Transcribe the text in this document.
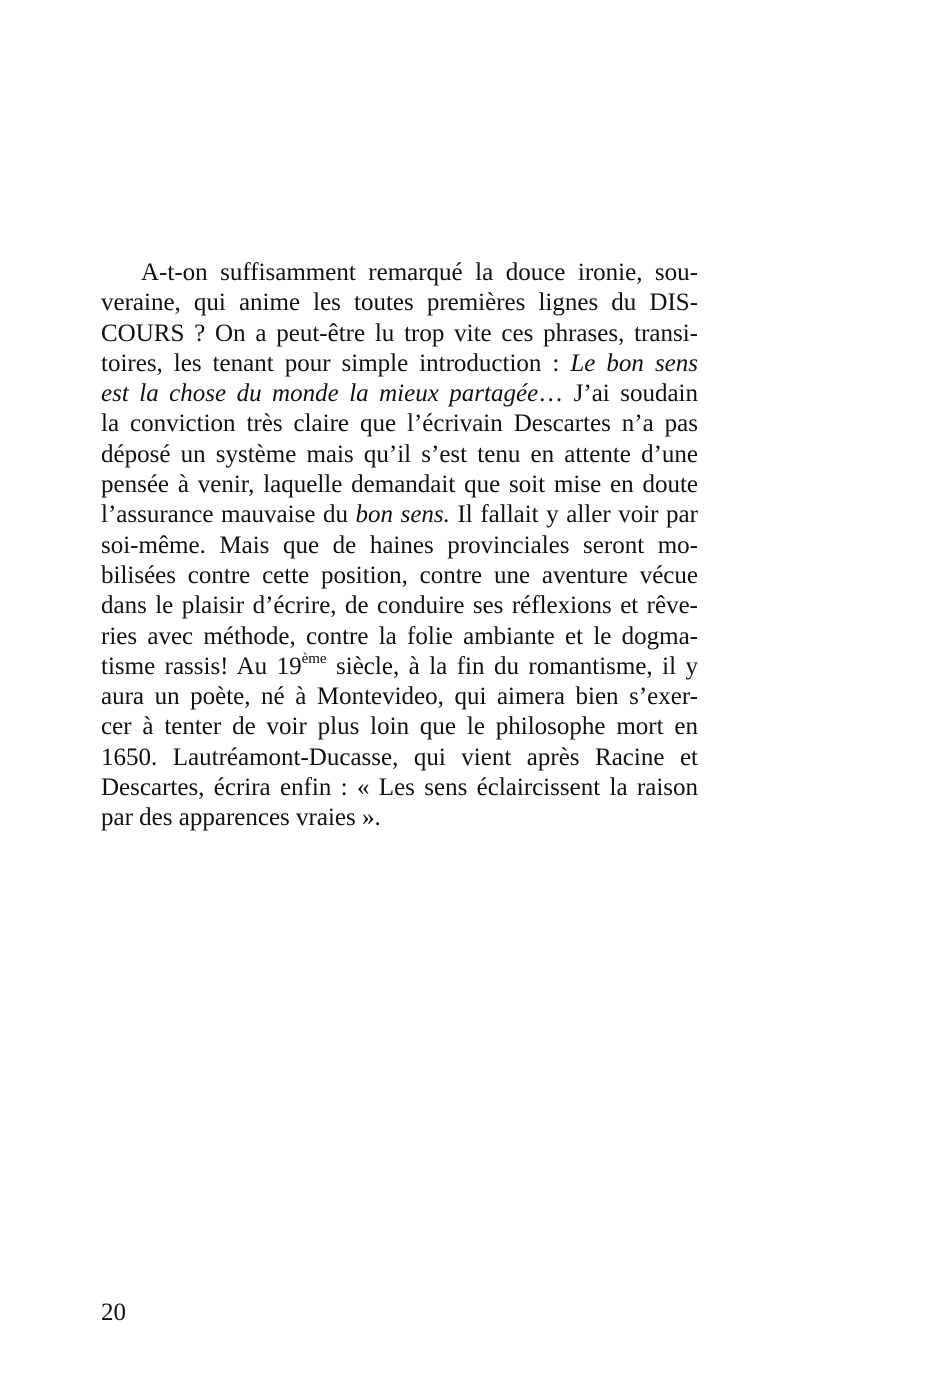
A-t-on suffisamment remarqué la douce ironie, sou-
veraine, qui anime les toutes premières lignes du DIS-
COURS ? On a peut-être lu trop vite ces phrases, transi-
toires, les tenant pour simple introduction : Le bon sens
est la chose du monde la mieux partagée… J’ai soudain
la conviction très claire que l’écrivain Descartes n’a pas
déposé un système mais qu’il s’est tenu en attente d’une
pensée à venir, laquelle demandait que soit mise en doute
l’assurance mauvaise du bon sens. Il fallait y aller voir par
soi-même. Mais que de haines provinciales seront mo-
bilisées contre cette position, contre une aventure vécue
dans le plaisir d’écrire, de conduire ses réflexions et rêve-
ries avec méthode, contre la folie ambiante et le dogma-
tisme rassis! Au 19ème siècle, à la fin du romantisme, il y
aura un poète, né à Montevideo, qui aimera bien s’exer-
cer à tenter de voir plus loin que le philosophe mort en
1650. Lautréamont-Ducasse, qui vient après Racine et
Descartes, écrira enfin : « Les sens éclaircissent la raison
par des apparences vraies ».
20
